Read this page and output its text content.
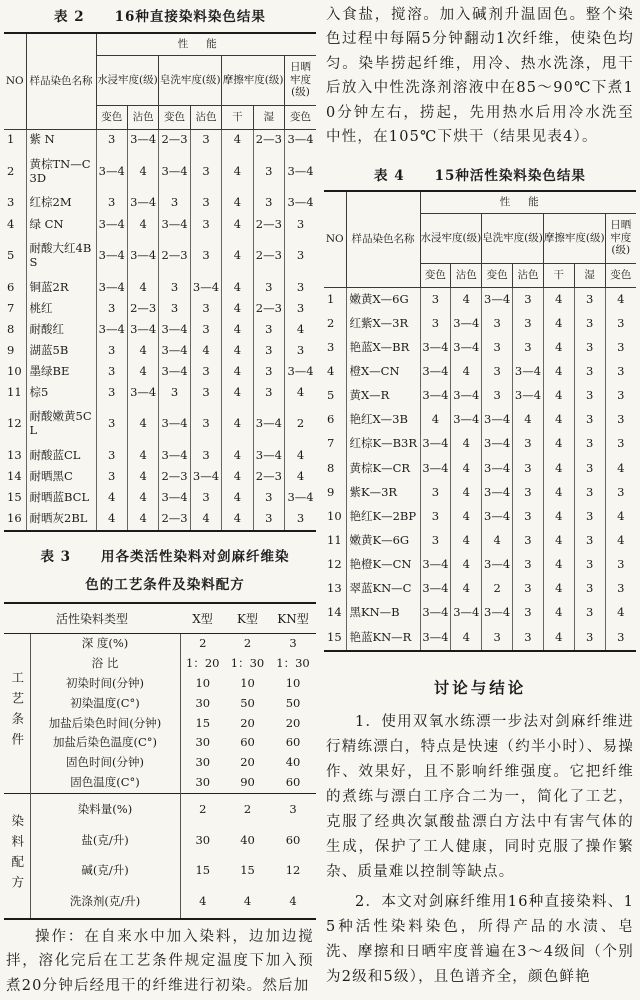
表 2 16种直接染料染色结果
NO	样品染色名称	性能						
		水浸牢度(级)		皂洗牢度(级)		摩擦牢度(级)		日晒牢度(级)
		变色	沾色	变色	沾色	干	湿	变色
1	紫 N	3	3—4	2—3	3	4	2—3	3—4
2	黄棕TN—C3D	3—4	4	3—4	3	4	3	3—4
3	红棕2M	3	3—4	3	3	4	3	3—4
4	绿 CN	3—4	4	3—4	3	4	2—3	3
5	耐酸大红4BS	3—4	3—4	2—3	3	4	2—3	3
6	铜蓝2R	3—4	4	3	3—4	4	3	3
7	桃红	3	2—3	3	3	4	2—3	3
8	耐酸红	3—4	3—4	3—4	3	4	3	4
9	湖蓝5B	3	4	3—4	4	4	3	3
10	墨绿BE	3	4	3—4	3	4	3	3—4
11	棕5	3	3—4	3	3	4	3	4
12	耐酸嫩黄5CL	3	4	3—4	3	4	3—4	2
13	耐酸蓝CL	3	4	3—4	3	4	3—4	4
14	耐晒黑C	3	4	2—3	3—4	4	2—3	4
15	耐晒蓝BCL	4	4	3—4	3	4	3	3—4
16	耐晒灰2BL	4	4	2—3	4	4	3	3
表 3 用各类活性染料对剑麻纤维染色的工艺条件及染料配方
活性染料类型		X型	K型	KN型
工艺条件	深 度(%)	2	2	3
	浴 比	1：20	1：30	1：30
	初染时间(分钟)	10	10	10
	初染温度(C°)	30	50	50
	加盐后染色时间(分钟)	15	20	20
	加盐后染色温度(C°)	30	60	60
	固色时间(分钟)	30	20	40
	固色温度(C°)	30	90	60
染料配方	染料量(%)	2	2	3
	盐(克/升)	30	40	60
	碱(克/升)	15	15	12
	洗涤剂(克/升)	4	4	4

操作：在自来水中加入染料，边加边搅拌，溶化完后在工艺条件规定温度下加入预煮20分钟后经甩干的纤维进行初染。然后加

入食盐，搅溶。加入碱剂升温固色。整个染色过程中每隔5分钟翻动1次纤维，使染色均匀。染毕捞起纤维，用冷、热水洗涤，甩干后放入中性洗涤剂溶液中在85～90℃下煮10分钟左右，捞起，先用热水后用冷水洗至中性，在105℃下烘干（结果见表4）。

表 4 15种活性染料染色结果
NO	样品染色名称	性能						
		水浸牢度(级)		皂洗牢度(级)		摩擦牢度(级)		日晒牢度(级)
		变色	沾色	变色	沾色	干	湿	变色
1	嫩黄X—6G	3	4	3—4	3	4	3	4
2	红紫X—3R	3	3—4	3	3	4	3	3
3	艳蓝X—BR	3—4	3—4	3	3	4	3	3
4	橙X—CN	3—4	4	3	3—4	4	3	3
5	黄X—R	3—4	3—4	3	3—4	4	3	3
6	艳红X—3B	4	3—4	3—4	4	4	3	3
7	红棕K—B3R	3—4	4	3—4	3	4	3	3
8	黄棕K—CR	3—4	4	3—4	3	4	3	4
9	紫K—3R	3	4	3—4	3	4	3	3
10	艳红K—2BP	3	4	3—4	3	4	3	4
11	嫩黄K—6G	3	4	4	3	4	3	4
12	艳橙K—CN	3—4	4	3—4	3	4	3	3
13	翠蓝KN—C	3—4	4	2	3	4	3	3
14	黑KN—B	3—4	3—4	3—4	3	4	3	4
15	艳蓝KN—R	3—4	4	3	3	4	3	3
讨论与结论

1．使用双氧水练漂一步法对剑麻纤维进行精练漂白，特点是快速（约半小时）、易操作、效果好，且不影响纤维强度。它把纤维的煮练与漂白工序合二为一，简化了工艺，克服了经典次氯酸盐漂白方法中有害气体的生成，保护了工人健康，同时克服了操作繁杂、质量难以控制等缺点。

2．本文对剑麻纤维用16种直接染料、15种活性染料染色，所得产品的水渍、皂洗、摩擦和日晒牢度普遍在3～4级间（个别为2级和5级），且色谱齐全，颜色鲜艳
